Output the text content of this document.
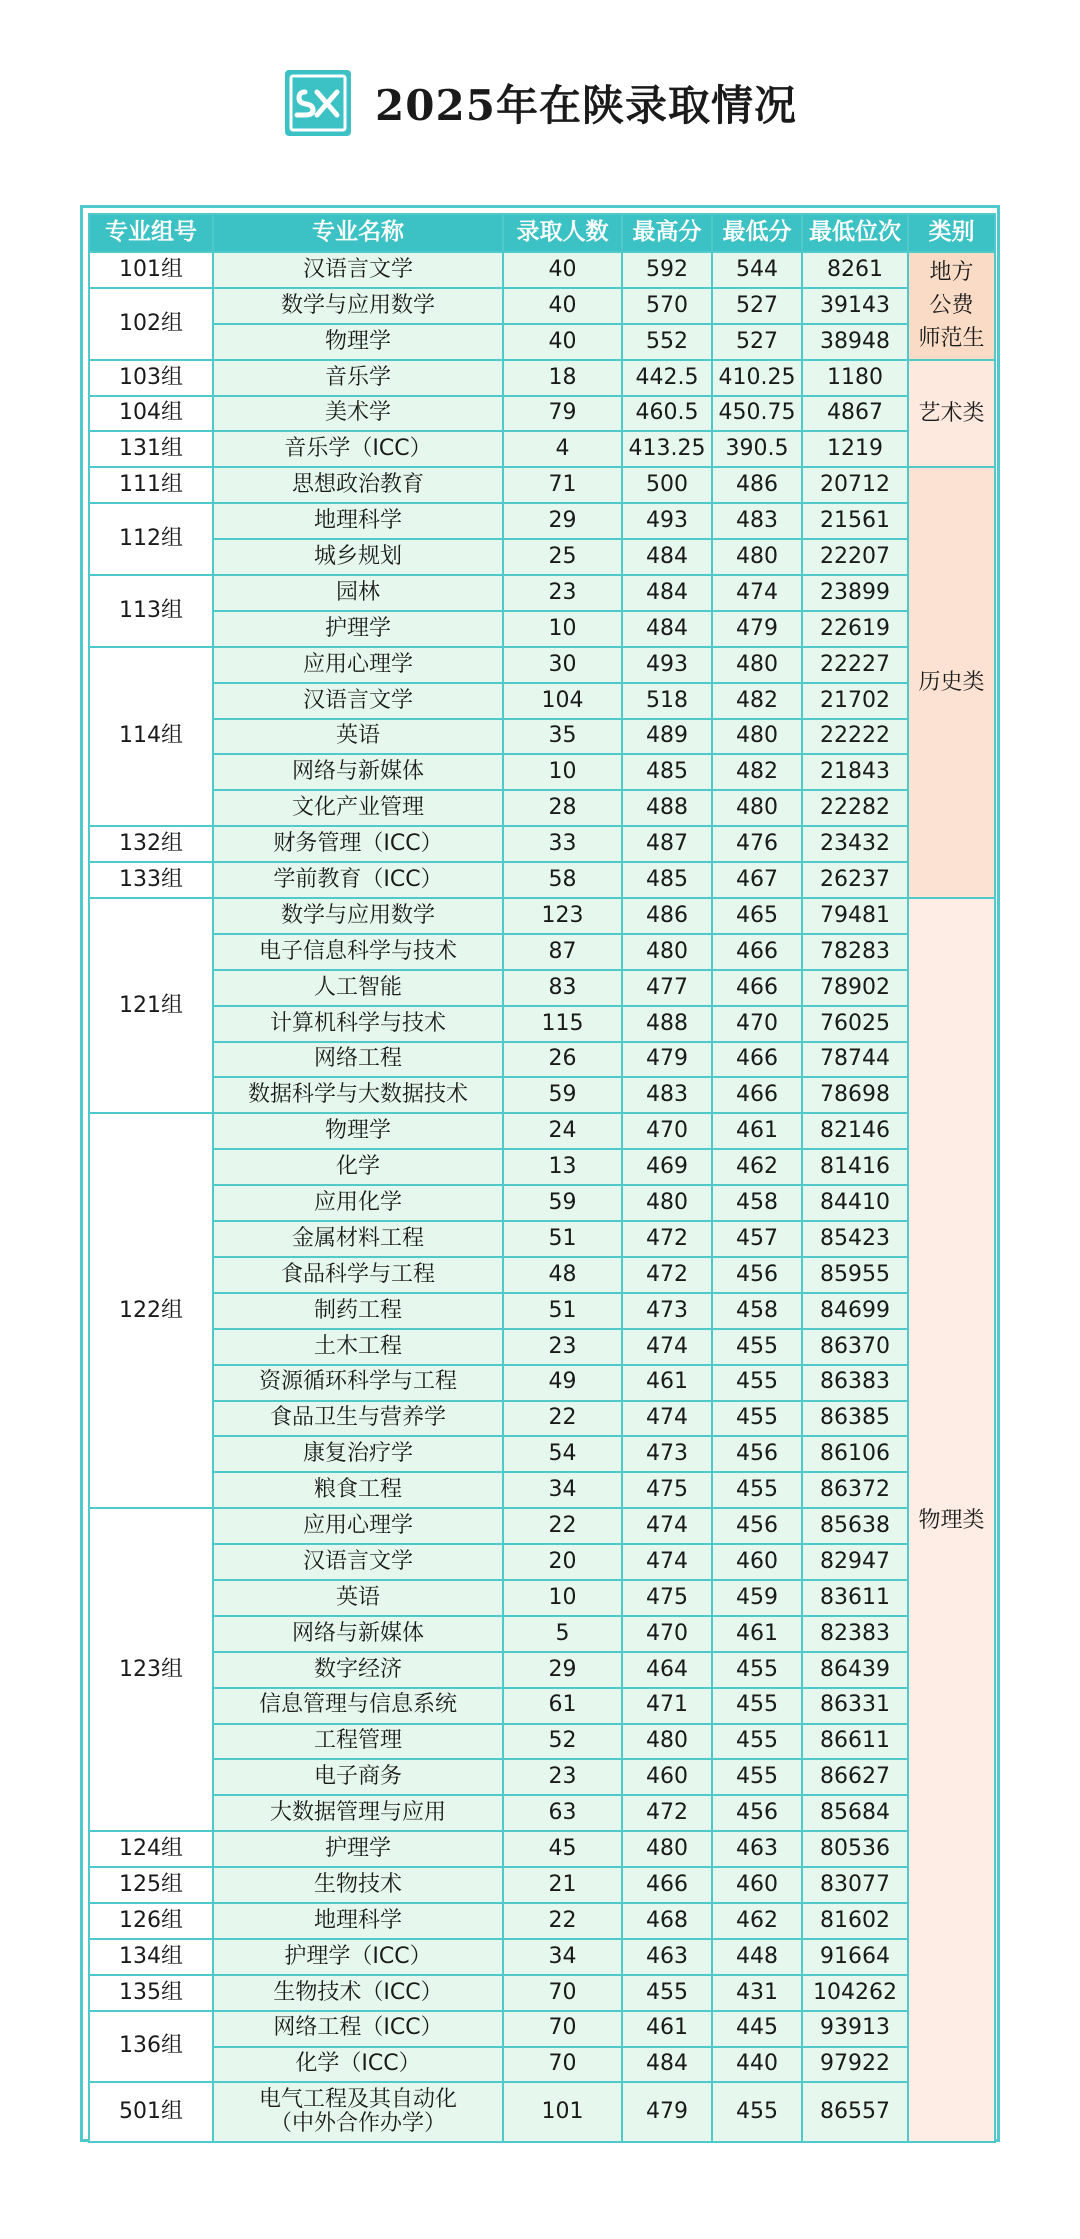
2025年在陕录取情况
专业组号	专业名称	录取人数	最高分	最低分	最低位次	类别
101组	汉语言文学	40	592	544	8261	地方
公费
师范生

102组	数学与应用数学	40	570	527	39143	
	物理学	40	552	527	38948	
103组	音乐学	18	442.5	410.25	1180	艺术类

104组	美术学	79	460.5	450.75	4867	
131组	音乐学（ICC）	4	413.25	390.5	1219	
111组	思想政治教育	71	500	486	20712	历史类

112组	地理科学	29	493	483	21561	
	城乡规划	25	484	480	22207	
113组	园林	23	484	474	23899	
	护理学	10	484	479	22619	
114组	应用心理学	30	493	480	22227	
	汉语言文学	104	518	482	21702	
	英语	35	489	480	22222	
	网络与新媒体	10	485	482	21843	
	文化产业管理	28	488	480	22282	
132组	财务管理（ICC）	33	487	476	23432	
133组	学前教育（ICC）	58	485	467	26237	
121组	数学与应用数学	123	486	465	79481	物理类

	电子信息科学与技术	87	480	466	78283	
	人工智能	83	477	466	78902	
	计算机科学与技术	115	488	470	76025	
	网络工程	26	479	466	78744	
	数据科学与大数据技术	59	483	466	78698	
122组	物理学	24	470	461	82146	
	化学	13	469	462	81416	
	应用化学	59	480	458	84410	
	金属材料工程	51	472	457	85423	
	食品科学与工程	48	472	456	85955	
	制药工程	51	473	458	84699	
	土木工程	23	474	455	86370	
	资源循环科学与工程	49	461	455	86383	
	食品卫生与营养学	22	474	455	86385	
	康复治疗学	54	473	456	86106	
	粮食工程	34	475	455	86372	
123组	应用心理学	22	474	456	85638	
	汉语言文学	20	474	460	82947	
	英语	10	475	459	83611	
	网络与新媒体	5	470	461	82383	
	数字经济	29	464	455	86439	
	信息管理与信息系统	61	471	455	86331	
	工程管理	52	480	455	86611	
	电子商务	23	460	455	86627	
	大数据管理与应用	63	472	456	85684	
124组	护理学	45	480	463	80536	
125组	生物技术	21	466	460	83077	
126组	地理科学	22	468	462	81602	
134组	护理学（ICC）	34	463	448	91664	
135组	生物技术（ICC）	70	455	431	104262	
136组	网络工程（ICC）	70	461	445	93913	
	化学（ICC）	70	484	440	97922	
501组	电气工程及其自动化
（中外合作办学）	101	479	455	86557	
